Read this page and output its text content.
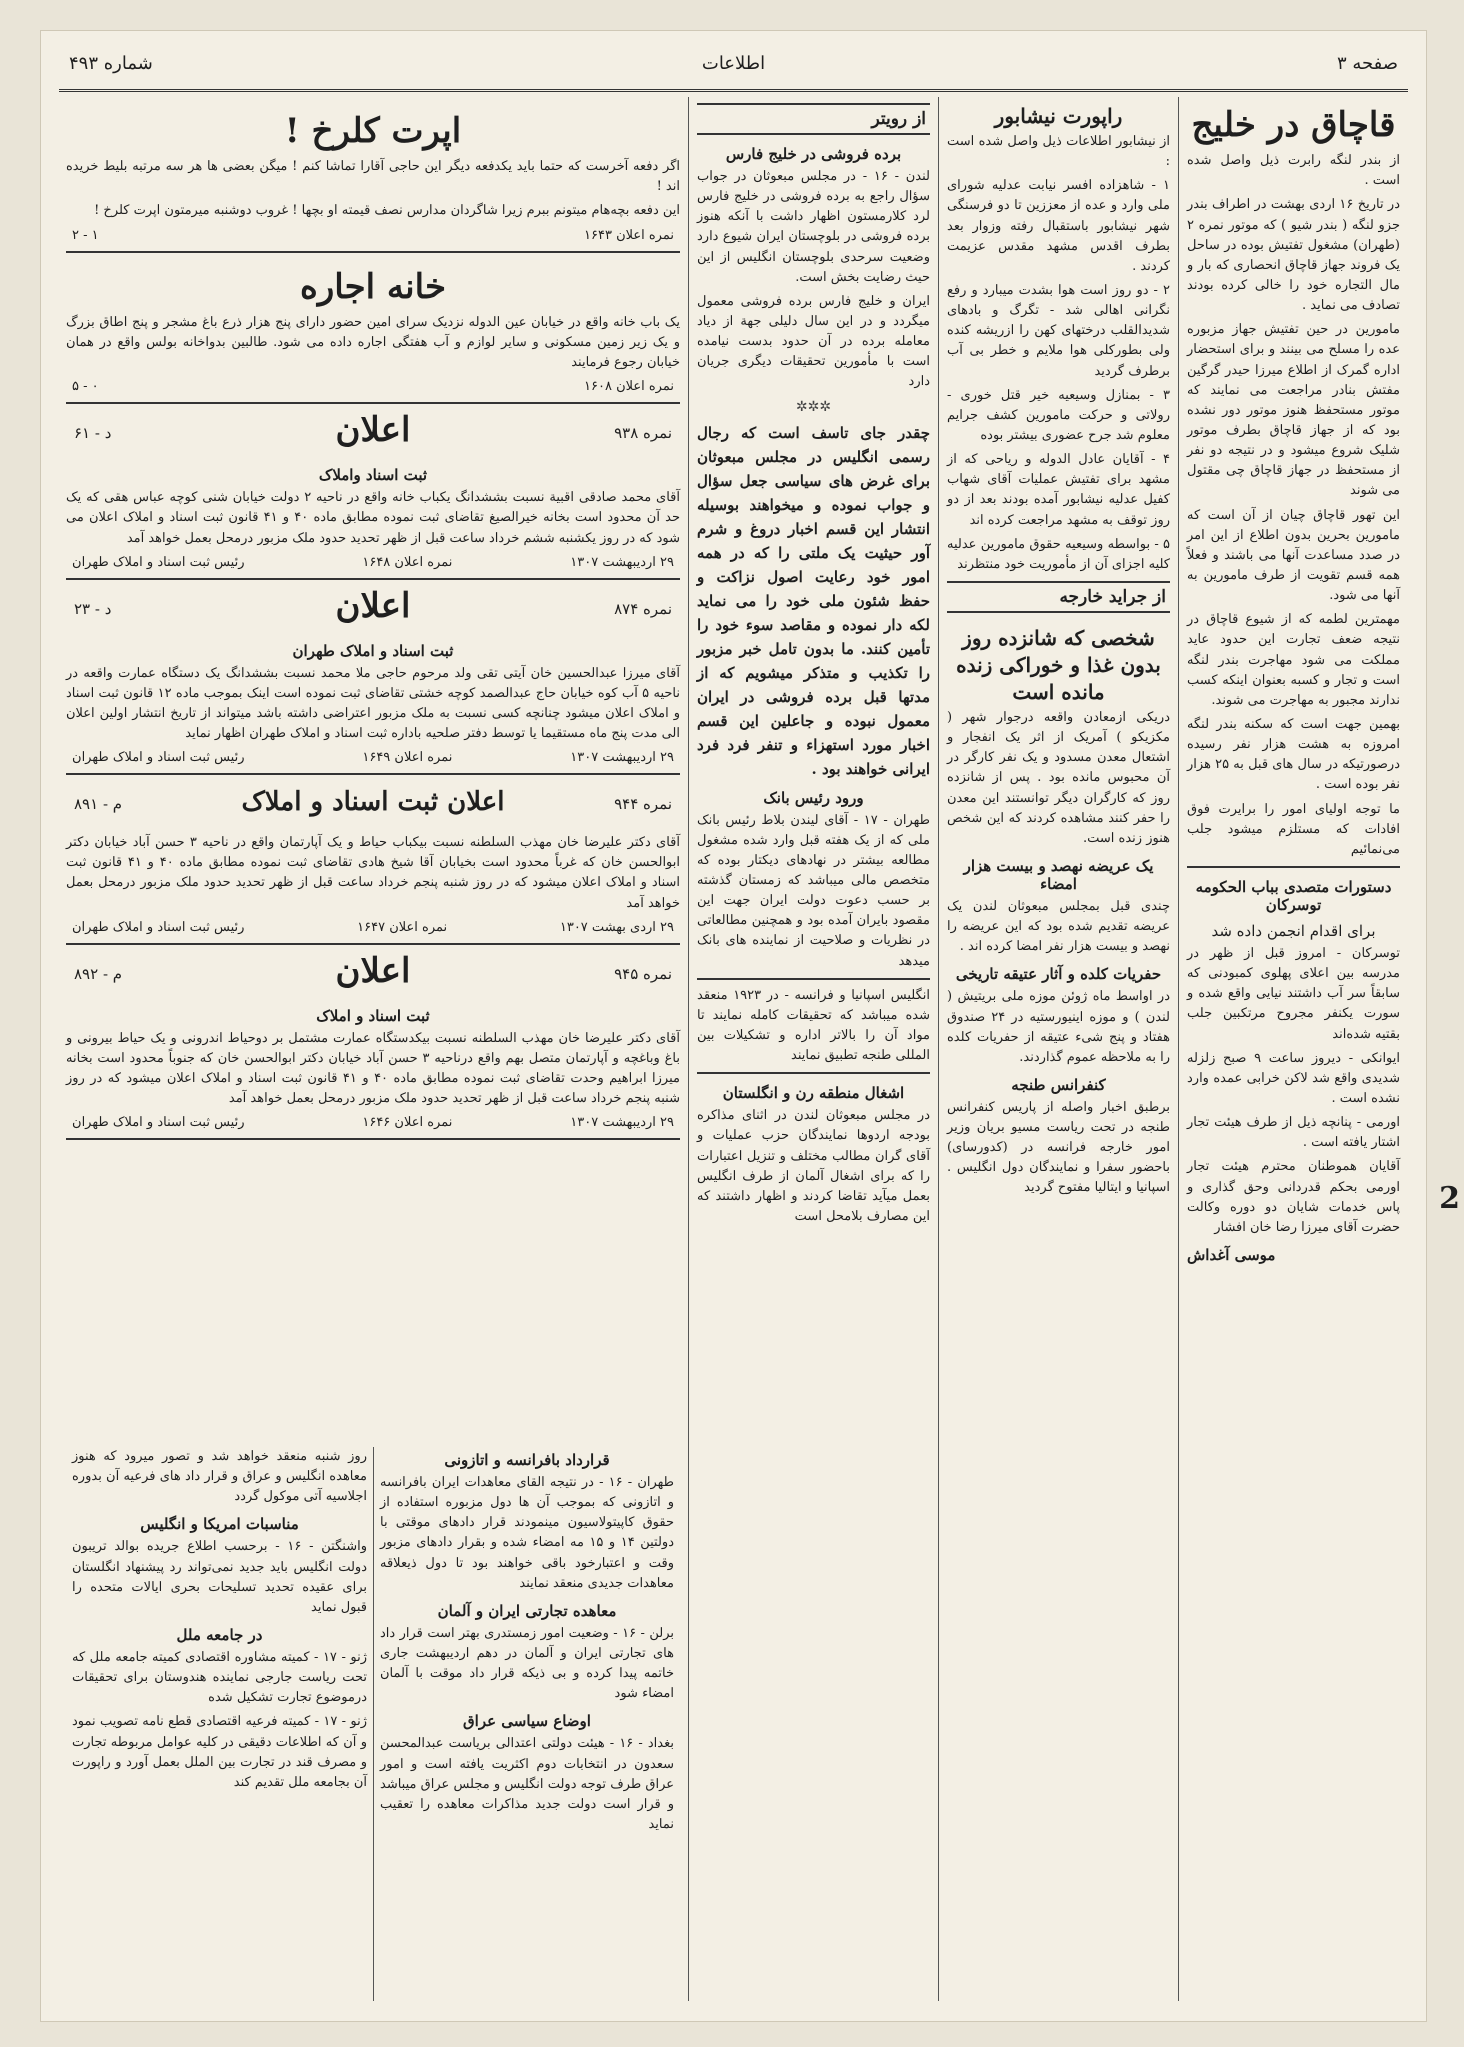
صفحه ۳
اطلاعات
شماره ۴۹۳
2
قاچاق در خلیج

از بندر لنگه رابرت ذیل واصل شده است .

در تاریخ ۱۶ اردی بهشت در اطراف بندر جزو لنگه ( بندر شیو ) که موتور نمره ۲ (طهران) مشغول تفتیش بوده در ساحل یک فروند جهاز قاچاق انحصاری که بار و مال التجاره خود را خالی کرده بودند تصادف می نماید .

مامورین در حین تفتیش جهاز مزبوره عده را مسلح می بینند و برای استحضار اداره گمرک از اطلاع میرزا حیدر گرگین مفتش بنادر مراجعت می نمایند که موتور مستحفظ هنوز موتور دور نشده بود که از جهاز قاچاق بطرف موتور شلیک شروع میشود و در نتیجه دو نفر از مستحفظ در جهاز قاچاق چی مقتول می شوند

این تهور قاچاق چیان از آن است که مامورین بحرین بدون اطلاع از این امر در صدد مساعدت آنها می باشند و فعلاً همه قسم تقویت از طرف مامورین به آنها می شود.

مهمترین لطمه که از شیوع قاچاق در نتیجه ضعف تجارت این حدود عاید مملکت می شود مهاجرت بندر لنگه است و تجار و کسبه بعنوان اینکه کسب ندارند مجبور به مهاجرت می شوند.

بهمین جهت است که سکنه بندر لنگه امروزه به هشت هزار نفر رسیده درصورتیکه در سال های قبل به ۲۵ هزار نفر بوده است .

ما توجه اولیای امور را برایرت فوق افادات که مستلزم میشود جلب می‌نمائیم

دستورات متصدی بباب الحکومه توسرکان
برای اقدام انجمن داده شد

توسرکان - امروز قبل از ظهر در مدرسه بین اعلای پهلوی کمبودنی که سابقاً سر آب داشتند نیایی واقع شده و سورت یکنفر مجروح مرتکبین جلب بقتیه شده‌اند

ایوانکی - دیروز ساعت ۹ صبح زلزله شدیدی واقع شد لاکن خرابی عمده وارد نشده است .

اورمی - پنانچه ذیل از طرف هیئت تجار اشتار یافته است .

آقایان هموطنان محترم هیئت تجار اورمی بحکم قدردانی وحق گذاری و پاس خدمات شایان دو دوره وکالت حضرت آقای میرزا رضا خان افشار

موسی آغداش
راپورت نیشابور

از نیشابور اطلاعات ذیل واصل شده است :

۱ - شاهزاده افسر نیابت عدلیه شورای ملی وارد و عده از معززین تا دو فرسنگی شهر نیشابور باستقبال رفته وزوار بعد بطرف اقدس مشهد مقدس عزیمت کردند .

۲ - دو روز است هوا بشدت میبارد و رفع نگرانی اهالی شد - تگرگ و بادهای شدیدالقلب درختهای کهن را ازریشه کنده ولی بطورکلی هوا ملایم و خطر بی آب برطرف گردید

۳ - بمنازل وسیعیه خیر قتل خوری - رولاتی و حرکت مامورین کشف جرایم معلوم شد جرح عضوری بیشتر بوده

۴ - آقایان عادل الدوله و ریاحی که از مشهد برای تفتیش عملیات آقای شهاب کفیل عدلیه نیشابور آمده بودند بعد از دو روز توقف به مشهد مراجعت کرده اند

۵ - بواسطه وسیعیه حقوق مامورین عدلیه کلیه اجزای آن از مأموریت خود منتظرند

از جراید خارجه
شخصی که شانزده روز بدون غذا و خوراکی زنده مانده است

دریکی ازمعادن واقعه درجوار شهر ( مکزیکو ) آمریک از اثر یک انفجار و اشتعال معدن مسدود و یک نفر کارگر در آن محبوس مانده بود . پس از شانزده روز که کارگران دیگر توانستند این معدن را حفر کنند مشاهده کردند که این شخص هنوز زنده است.

یک عریضه نهصد و بیست هزار امضاء

چندی قبل بمجلس مبعوثان لندن یک عریضه تقدیم شده بود که این عریضه را نهصد و بیست هزار نفر امضا کرده اند .

حفریات کلده و آثار عتیقه تاریخی

در اواسط ماه ژوئن موزه ملی بریتیش ( لندن ) و موزه اینیورستیه در ۲۴ صندوق هفتاد و پنج شیء عتیقه از حفریات کلده را به ملاحظه عموم گذاردند.

کنفرانس طنجه

برطبق اخبار واصله از پاریس کنفرانس طنجه در تحت ریاست مسیو بریان وزیر امور خارجه فرانسه در (کدورسای) باحضور سفرا و نمایندگان دول انگلیس . اسپانیا و ایتالیا مفتوح گردید

از رویتر
برده فروشی در خلیج فارس

لندن - ۱۶ - در مجلس مبعوثان در جواب سؤال راجع به برده فروشی در خلیج فارس لرد کلارمستون اظهار داشت با آنکه هنوز برده فروشی در بلوچستان ایران شیوع دارد وضعیت سرحدی بلوچستان انگلیس از این حیث رضایت بخش است.

ایران و خلیج فارس برده فروشی معمول میگردد و در این سال دلیلی جهة از دیاد معامله برده در آن حدود بدست نیامده است با مأمورین تحقیقات دیگری جریان دارد

✲✲✲

چقدر جای تاسف است که رجال رسمی انگلیس در مجلس مبعوثان برای غرض های سیاسی جعل سؤال و جواب نموده و میخواهند بوسیله انتشار این قسم اخبار دروغ و شرم آور حیثیت یک ملتی را که در همه امور خود رعایت اصول نزاکت و حفظ شئون ملی خود را می نماید لکه دار نموده و مقاصد سوء خود را تأمین کنند. ما بدون تامل خبر مزبور را تکذیب و متذکر میشویم که از مدتها قبل برده فروشی در ایران معمول نبوده و جاعلین این قسم اخبار مورد استهزاء و تنفر فرد فرد ایرانی خواهند بود .

ورود رئیس بانک

طهران - ۱۷ - آقای لیندن بلاط رئیس بانک ملی که از یک هفته قبل وارد شده مشغول مطالعه بیشتر در نهادهای دیکتار بوده که متخصص مالی میباشد که زمستان گذشته بر حسب دعوت دولت ایران جهت این مقصود بایران آمده بود و همچنین مطالعاتی در نظریات و صلاحیت از نماینده های بانک میدهد

انگلیس اسپانیا و فرانسه - در ۱۹۲۳ منعقد شده میباشد که تحقیقات کامله نمایند تا مواد آن را بالاتر اداره و تشکیلات بین المللی طنجه تطبیق نمایند

اشغال منطقه رن و انگلستان

در مجلس مبعوثان لندن در اثنای مذاکره بودجه اردوها نمایندگان حزب عملیات و آقای گران مطالب مختلف و تنزیل اعتبارات را که برای اشغال آلمان از طرف انگلیس بعمل میآید تقاضا کردند و اظهار داشتند که این مصارف بلامحل است

اپرت کلرخ !

اگر دفعه آخرست که حتما باید یکدفعه دیگر این حاجی آقارا تماشا کنم ! میگن بعضی ها هر سه مرتبه بلیط خریده اند !

این دفعه بچه‌هام میتونم ببرم زیرا شاگردان مدارس نصف قیمته او بچها ! غروب دوشنبه میرمتون اپرت کلرخ !

نمره اعلان ۱۶۴۳
۱ - ۲
خانه اجاره

یک باب خانه واقع در خیابان عین الدوله نزدیک سرای امین حضور دارای پنج هزار ذرع باغ مشجر و پنج اطاق بزرگ و یک زیر زمین مسکونی و سایر لوازم و آب هفتگی اجاره داده می شود. طالبین بدواخانه بولس واقع در همان خیابان رجوع فرمایند

نمره اعلان ۱۶۰۸
۰ - ۵
اعلان	نمره ۹۳۸
د - ۶۱
ثبت اسناد واملاک

آقای محمد صادقی اقبیة نسبت بششدانگ یکباب خانه واقع در ناحیه ۲ دولت خیابان شنی کوچه عباس هقی که یک حد آن محدود است بخانه خیرالصیغ تقاضای ثبت نموده مطابق ماده ۴۰ و ۴۱ قانون ثبت اسناد و املاک اعلان می شود که در روز یکشنبه ششم خرداد ساعت قبل از ظهر تحدید حدود ملک مزبور درمحل بعمل خواهد آمد

۲۹ اردیبهشت ۱۳۰۷
نمره اعلان ۱۶۴۸
رئیس ثبت اسناد و املاک طهران
اعلان	نمره ۸۷۴
د - ۲۳
ثبت اسناد و املاک طهران

آقای میرزا عبدالحسین خان آیتی تقی ولد مرحوم حاجی ملا محمد نسبت بششدانگ یک دستگاه عمارت واقعه در ناحیه ۵ آب کوه خیابان حاج عبدالصمد کوچه خشتی تقاضای ثبت نموده است اینک بموجب ماده ۱۲ قانون ثبت اسناد و املاک اعلان میشود چنانچه کسی نسبت به ملک مزبور اعتراضی داشته باشد میتواند از تاریخ انتشار اولین اعلان الی مدت پنج ماه مستقیما یا توسط دفتر صلحیه باداره ثبت اسناد و املاک طهران اظهار نماید

۲۹ اردیبهشت ۱۳۰۷
نمره اعلان ۱۶۴۹
رئیس ثبت اسناد و املاک طهران
اعلان ثبت اسناد و املاک	نمره ۹۴۴
م - ۸۹۱

آقای دکتر علیرضا خان مهذب السلطنه نسبت بیکباب حیاط و یک آپارتمان واقع در ناحیه ۳ حسن آباد خیابان دکتر ابوالحسن خان که غرباً محدود است بخیابان آقا شیخ هادی تقاضای ثبت نموده مطابق ماده ۴۰ و ۴۱ قانون ثبت اسناد و املاک اعلان میشود که در روز شنبه پنجم خرداد ساعت قبل از ظهر تحدید حدود ملک مزبور درمحل بعمل خواهد آمد

۲۹ اردی بهشت ۱۳۰۷
نمره اعلان ۱۶۴۷
رئیس ثبت اسناد و املاک طهران
اعلان	نمره ۹۴۵
م - ۸۹۲
ثبت اسناد و املاک

آقای دکتر علیرضا خان مهذب السلطنه نسبت بیکدستگاه عمارت مشتمل بر دوحیاط اندرونی و یک حیاط بیرونی و باغ وباغچه و آپارتمان متصل بهم واقع درناحیه ۳ حسن آباد خیابان دکتر ابوالحسن خان که جنوباً محدود است بخانه میرزا ابراهیم وحدت تقاضای ثبت نموده مطابق ماده ۴۰ و ۴۱ قانون ثبت اسناد و املاک اعلان میشود که در روز شنبه پنجم خرداد ساعت قبل از ظهر تحدید حدود ملک مزبور درمحل بعمل خواهد آمد

۲۹ اردیبهشت ۱۳۰۷
نمره اعلان ۱۶۴۶
رئیس ثبت اسناد و املاک طهران
قرارداد بافرانسه و اتازونی

طهران - ۱۶ - در نتیجه القای معاهدات ایران بافرانسه و اتازونی که بموجب آن ها دول مزبوره استفاده از حقوق کاپیتولاسیون مینمودند قرار دادهای موقتی با دولتین ۱۴ و ۱۵ مه امضاء شده و بقرار دادهای مزبور وقت و اعتبارخود باقی خواهند بود تا دول ذیعلاقه معاهدات جدیدی منعقد نمایند

معاهده تجارتی ایران و آلمان

برلن - ۱۶ - وضعیت امور زمستدری بهتر است قرار داد های تجارتی ایران و آلمان در دهم اردیبهشت جاری خاتمه پیدا کرده و بی ذیکه قرار داد موقت با آلمان امضاء شود

اوضاع سیاسی عراق

بغداد - ۱۶ - هیئت دولتی اعتدالی بریاست عبدالمحسن سعدون در انتخابات دوم اکثریت یافته است و امور عراق طرف توجه دولت انگلیس و مجلس عراق میباشد و قرار است دولت جدید مذاکرات معاهده را تعقیب نماید

روز شنبه منعقد خواهد شد و تصور میرود که هنوز معاهده انگلیس و عراق و قرار داد های فرعیه آن بدوره اجلاسیه آتی موکول گردد

مناسبات امریکا و انگلیس

واشنگتن - ۱۶ - برحسب اطلاع جریده بوالد تریبون دولت انگلیس باید جدید نمی‌تواند رد پیشنهاد انگلستان برای عقیده تحدید تسلیحات بحری ایالات متحده را قبول نماید

در جامعه ملل

ژنو - ۱۷ - کمیته مشاوره اقتصادی کمیته جامعه ملل که تحت ریاست جارجی نماینده هندوستان برای تحقیقات درموضوع تجارت تشکیل شده

ژنو - ۱۷ - کمیته فرعیه اقتصادی قطع نامه تصویب نمود و آن که اطلاعات دقیقی در کلیه عوامل مربوطه تجارت و مصرف قند در تجارت بین الملل بعمل آورد و راپورت آن بجامعه ملل تقدیم کند
